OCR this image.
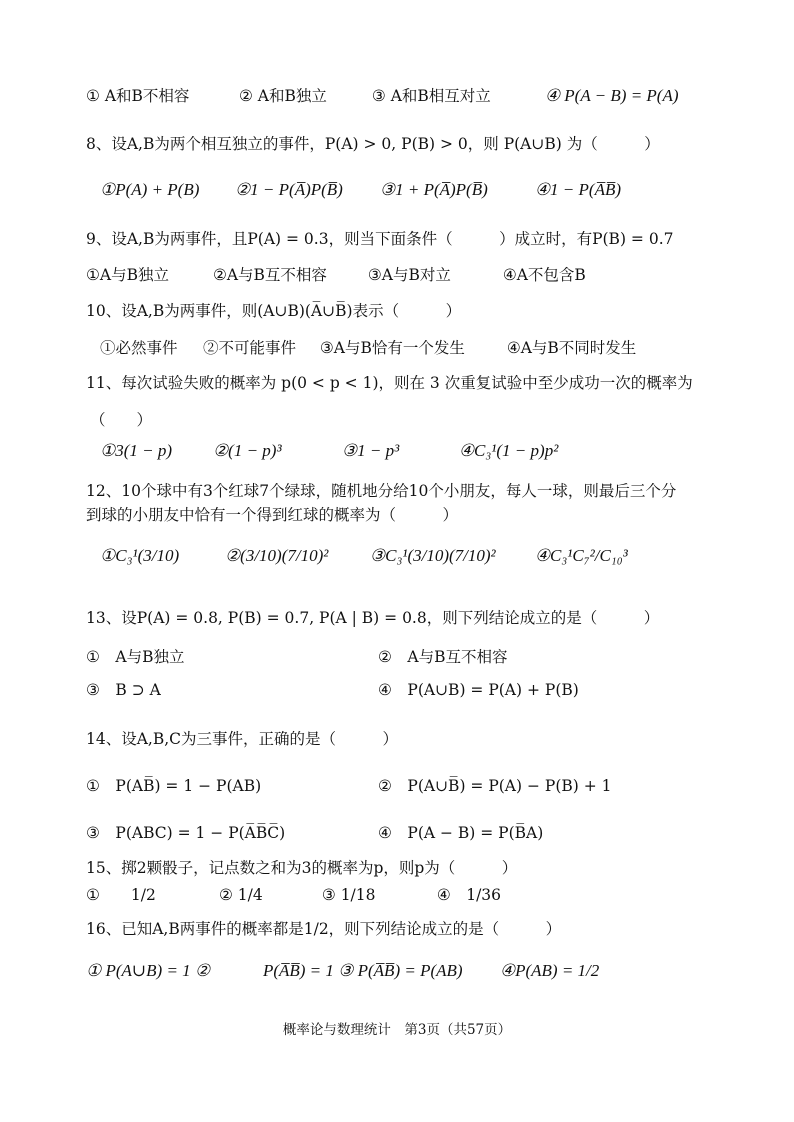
① A和B不相容	② A和B独立	③ A和B相互对立	④ P(A − B) = P(A)
8、设A,B为两个相互独立的事件，P(A) > 0, P(B) > 0，则 P(A∪B) 为（　　　）
①P(A) + P(B) ②1 − P(A̅)P(B̅) ③1 + P(A̅)P(B̅)	④1 − P(A̅B̅)
9、设A,B为两事件，且P(A) = 0.3，则当下面条件（　　　）成立时，有P(B) = 0.7
①A与B独立	②A与B互不相容	③A与B对立	④A不包含B
10、设A,B为两事件，则(A∪B)(A̅∪B̅)表示（　　　）
①必然事件 ②不可能事件 ③A与B恰有一个发生	④A与B不同时发生
11、每次试验失败的概率为 p(0 < p < 1)，则在 3 次重复试验中至少成功一次的概率为
（　　）
①3(1 − p) ②(1 − p)³	③1 − p³	④C₃¹(1 − p)p²
12、10个球中有3个红球7个绿球，随机地分给10个小朋友，每人一球，则最后三个分
到球的小朋友中恰有一个得到红球的概率为（　　　）
①C₃¹(3/10)	②(3/10)(7/10)² ③C₃¹(3/10)(7/10)² ④C₃¹C₇²/C₁₀³
13、设P(A) = 0.8, P(B) = 0.7, P(A | B) = 0.8，则下列结论成立的是（　　　）
①　A与B独立	②　A与B互不相容
③　B ⊃ A	④　P(A∪B) = P(A) + P(B)
14、设A,B,C为三事件，正确的是（　　　）
①　P(AB̅) = 1 − P(AB)	②　P(A∪B̅) = P(A) − P(B) + 1
③　P(ABC) = 1 − P(A̅B̅C̅)	④　P(A − B) = P(B̅A)
15、掷2颗骰子，记点数之和为3的概率为p，则p为（　　　）
①　　1/2	② 1/4	③ 1/18	④　1/36
16、已知A,B两事件的概率都是1/2，则下列结论成立的是（　　　）
① P(A∪B) = 1 ②	P(A̅B̅) = 1 ③ P(A̅B̅) = P(AB) ④P(AB) = 1/2
概率论与数理统计　第3页（共57页）
